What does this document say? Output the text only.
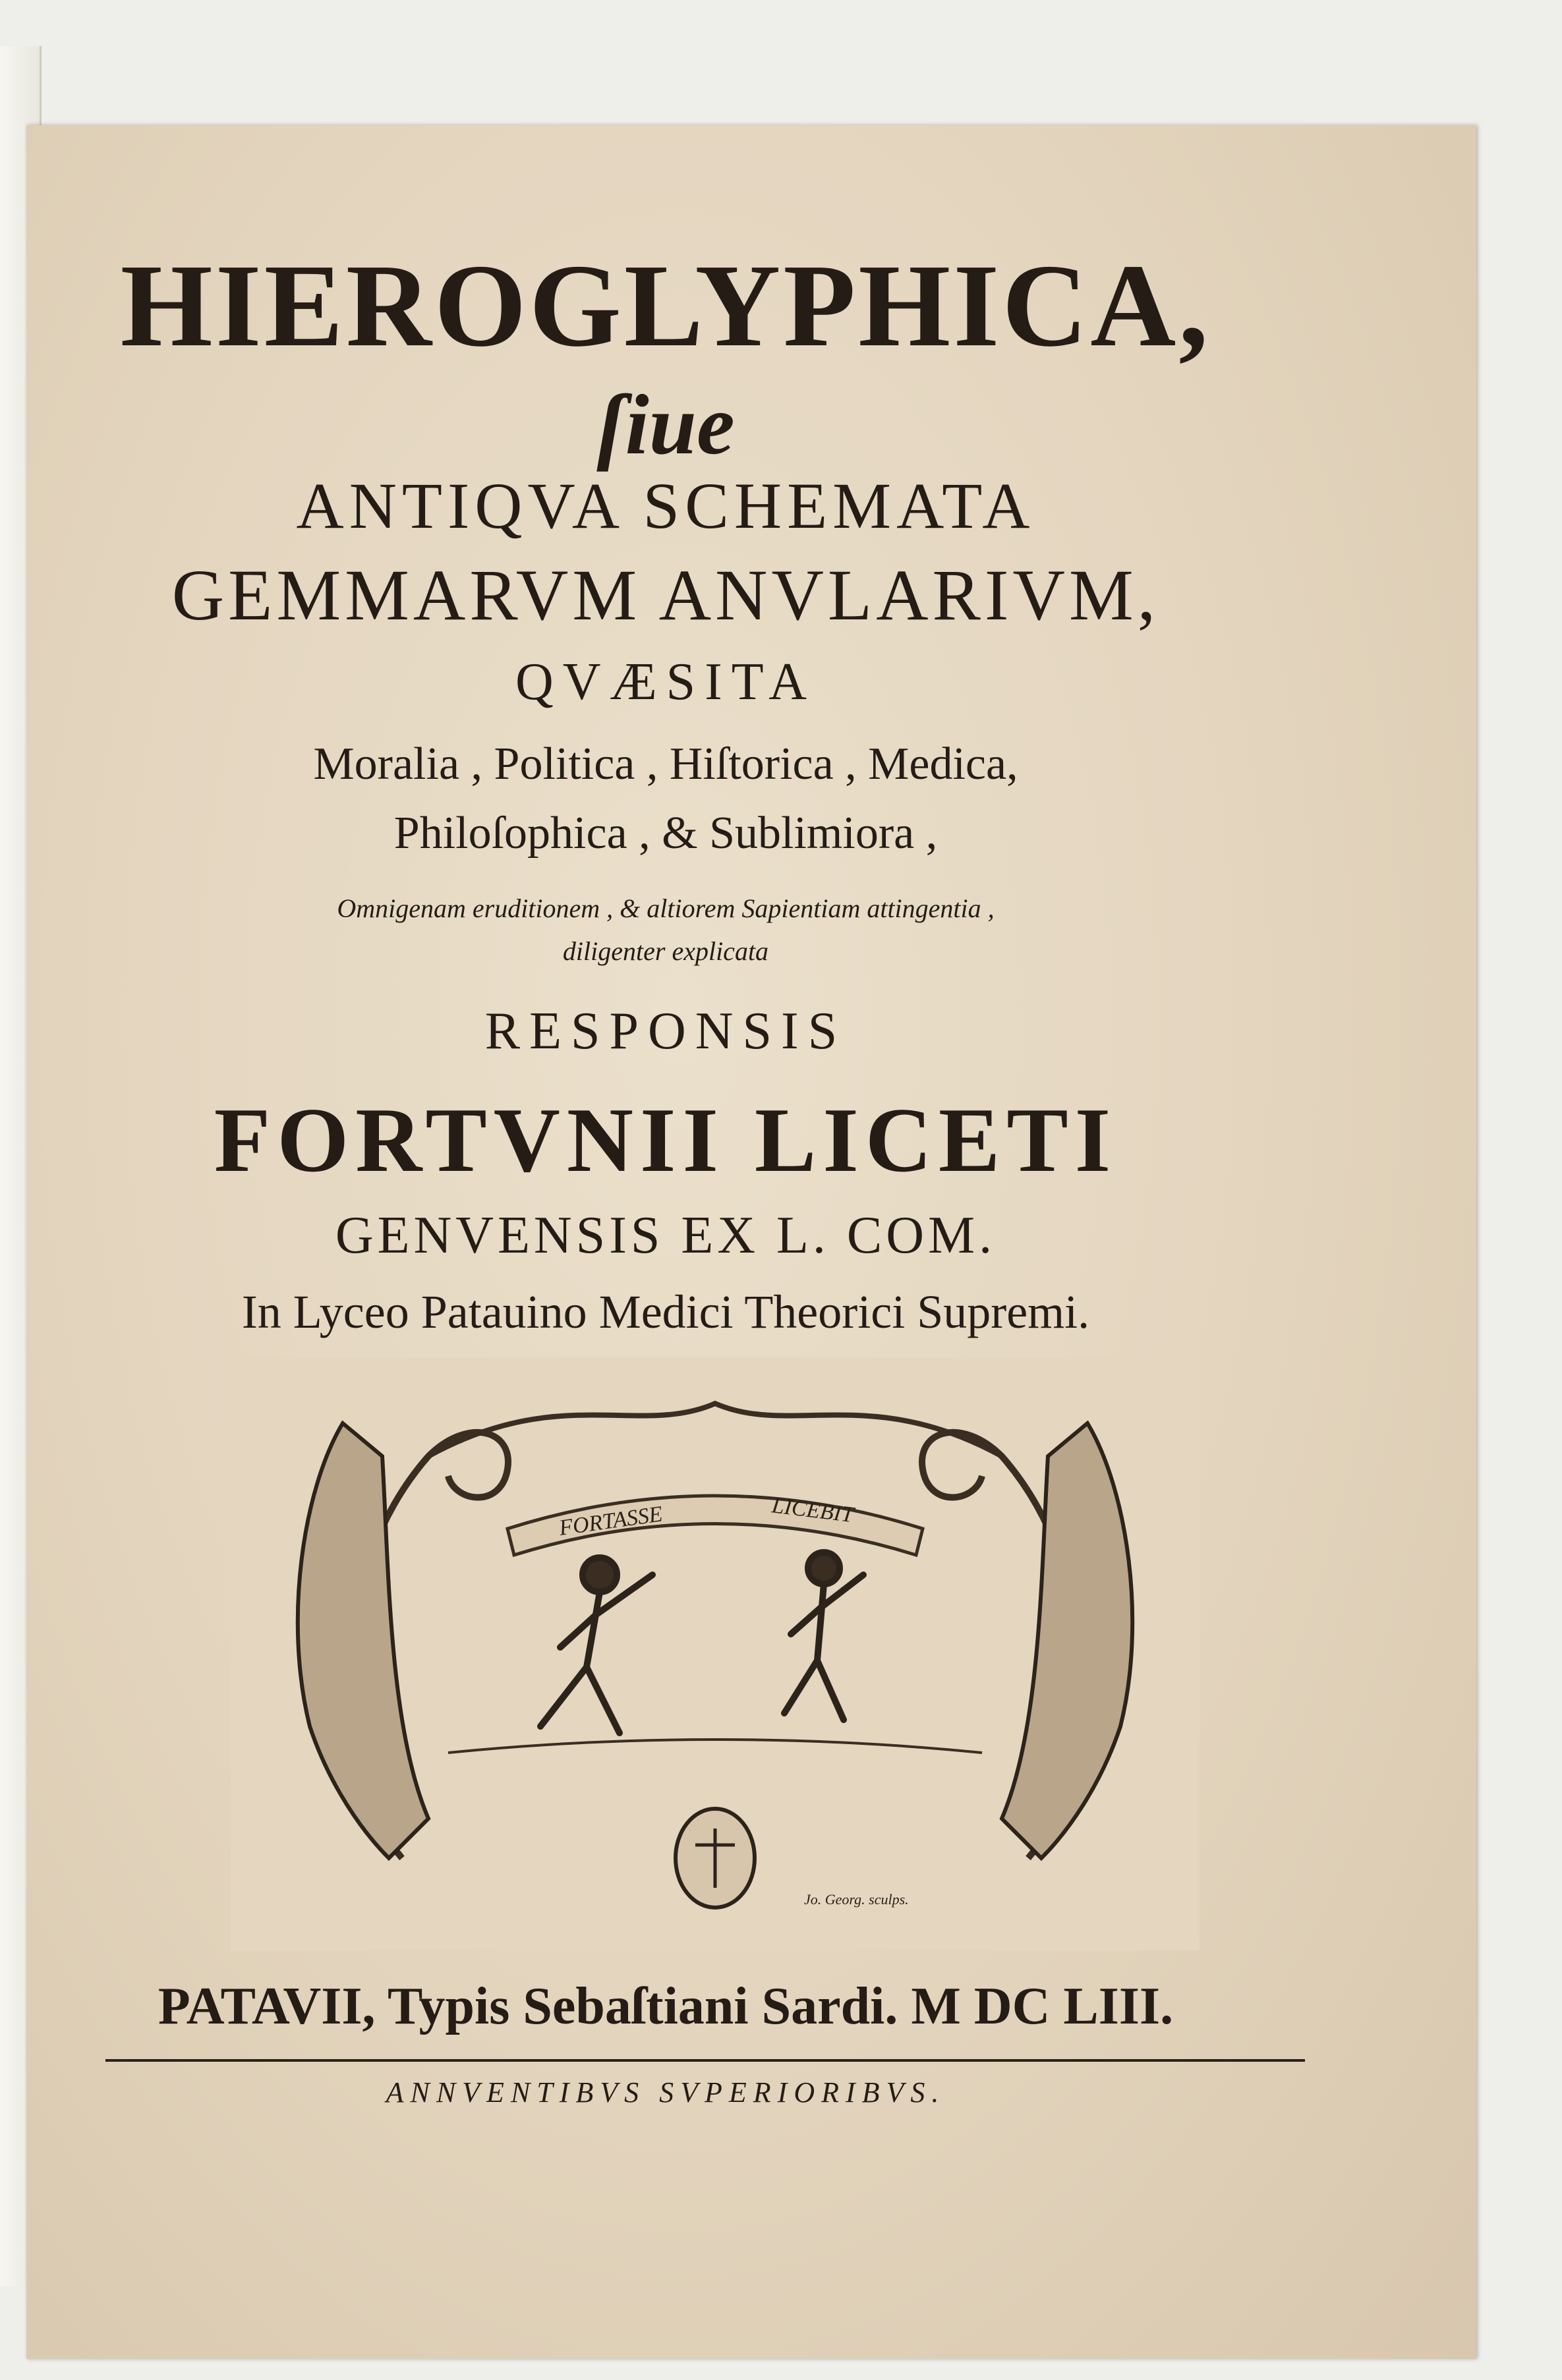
HIEROGLYPHICA,
ſiue
ANTIQVA SCHEMATA
GEMMARVM ANVLARIVM,
QVÆSITA
Moralia , Politica , Hiſtorica , Medica,
Philoſophica , & Sublimiora ,
Omnigenam eruditionem , & altiorem Sapientiam attingentia ,
diligenter explicata
RESPONSIS
FORTVNII LICETI
GENVENSIS EX L. COM.
In Lyceo Patauino Medici Theorici Supremi.
FORTASSE	LICEBIT
Jo. Georg. sculps.
PATAVII, Typis Sebaſtiani Sardi. M DC LIII.
ANNVENTIBVS SVPERIORIBVS.
